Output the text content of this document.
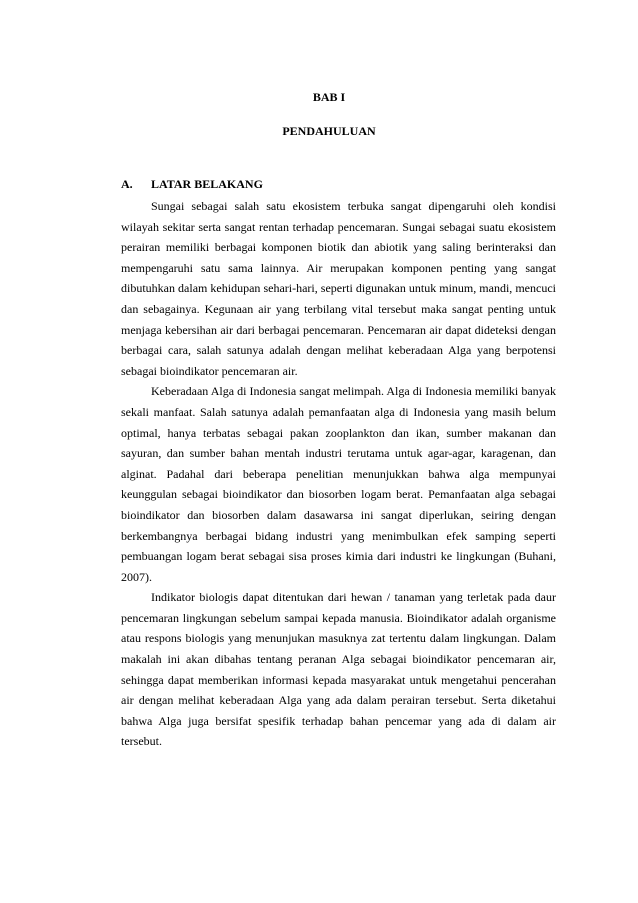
BAB I
PENDAHULUAN
A. LATAR BELAKANG

Sungai sebagai salah satu ekosistem terbuka sangat dipengaruhi oleh kondisi wilayah sekitar serta sangat rentan terhadap pencemaran. Sungai sebagai suatu ekosistem perairan memiliki berbagai komponen biotik dan abiotik yang saling berinteraksi dan mempengaruhi satu sama lainnya. Air merupakan komponen penting yang sangat dibutuhkan dalam kehidupan sehari-hari, seperti digunakan untuk minum, mandi, mencuci dan sebagainya. Kegunaan air yang terbilang vital tersebut maka sangat penting untuk menjaga kebersihan air dari berbagai pencemaran. Pencemaran air dapat dideteksi dengan berbagai cara, salah satunya adalah dengan melihat keberadaan Alga yang berpotensi sebagai bioindikator pencemaran air.

Keberadaan Alga di Indonesia sangat melimpah. Alga di Indonesia memiliki banyak sekali manfaat. Salah satunya adalah pemanfaatan alga di Indonesia yang masih belum optimal, hanya terbatas sebagai pakan zooplankton dan ikan, sumber makanan dan sayuran, dan sumber bahan mentah industri terutama untuk agar-agar, karagenan, dan alginat. Padahal dari beberapa penelitian menunjukkan bahwa alga mempunyai keunggulan sebagai bioindikator dan biosorben logam berat. Pemanfaatan alga sebagai bioindikator dan biosorben dalam dasawarsa ini sangat diperlukan, seiring dengan berkembangnya berbagai bidang industri yang menimbulkan efek samping seperti pembuangan logam berat sebagai sisa proses kimia dari industri ke lingkungan (Buhani, 2007).

Indikator biologis dapat ditentukan dari hewan / tanaman yang terletak pada daur pencemaran lingkungan sebelum sampai kepada manusia. Bioindikator adalah organisme atau respons biologis yang menunjukan masuknya zat tertentu dalam lingkungan. Dalam makalah ini akan dibahas tentang peranan Alga sebagai bioindikator pencemaran air, sehingga dapat memberikan informasi kepada masyarakat untuk mengetahui pencerahan air dengan melihat keberadaan Alga yang ada dalam perairan tersebut. Serta diketahui bahwa Alga juga bersifat spesifik terhadap bahan pencemar yang ada di dalam air tersebut.
